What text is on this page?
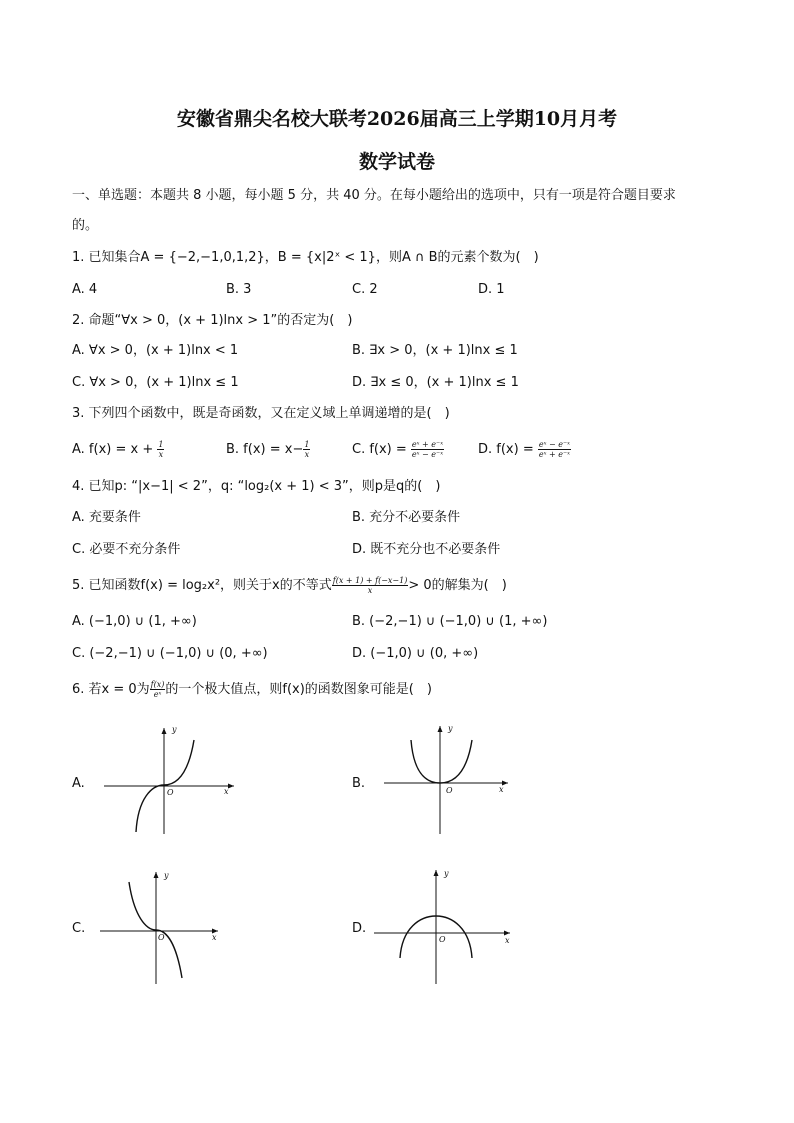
安徽省鼎尖名校大联考2026届高三上学期10月月考
数学试卷
一、单选题：本题共 8 小题，每小题 5 分，共 40 分。在每小题给出的选项中，只有一项是符合题目要求
的。
1. 已知集合A = {−2,−1,0,1,2}，B = {x|2ˣ < 1}，则A ∩ B的元素个数为(　)
A. 4	B. 3	C. 2	D. 1
2. 命题“∀x > 0，(x + 1)lnx > 1”的否定为(　)
A. ∀x > 0，(x + 1)lnx < 1	B. ∃x > 0，(x + 1)lnx ≤ 1
C. ∀x > 0，(x + 1)lnx ≤ 1	D. ∃x ≤ 0，(x + 1)lnx ≤ 1
3. 下列四个函数中，既是奇函数，又在定义域上单调递增的是(　)
A. $f(x) = x + \frac{1}{x}$	B. $f(x) = x- \frac{1}{x}$	C. $f(x) = \frac{\text{eˣ + e⁻ˣ}}{\text{eˣ − e⁻ˣ}}$	D. $f(x) = \frac{\text{eˣ − e⁻ˣ}}{\text{eˣ + e⁻ˣ}}$
4. 已知p: “|x−1| < 2”，q: “log₂(x + 1) < 3”，则p是q的(　)
A. 充要条件	B. 充分不必要条件
C. 必要不充分条件	D. 既不充分也不必要条件
5. 已知函数f(x) = log₂x²，则关于x的不等式 $\frac{f(x + 1) + f(-x-1)}{x} > 0$的解集为(　)
A. (−1,0) ∪ (1, +∞)	B. (−2,−1) ∪ (−1,0) ∪ (1, +∞)
C. (−2,−1) ∪ (−1,0) ∪ (0, +∞)	D. (−1,0) ∪ (0, +∞)
6. 若x = 0为 $\frac{f(x)}{\text{eˣ}}$ 的一个极大值点，则f(x)的函数图象可能是(　)
A.
y
x
O
B.
y
x
O
C.
y
x
O
D.
y
x
O
